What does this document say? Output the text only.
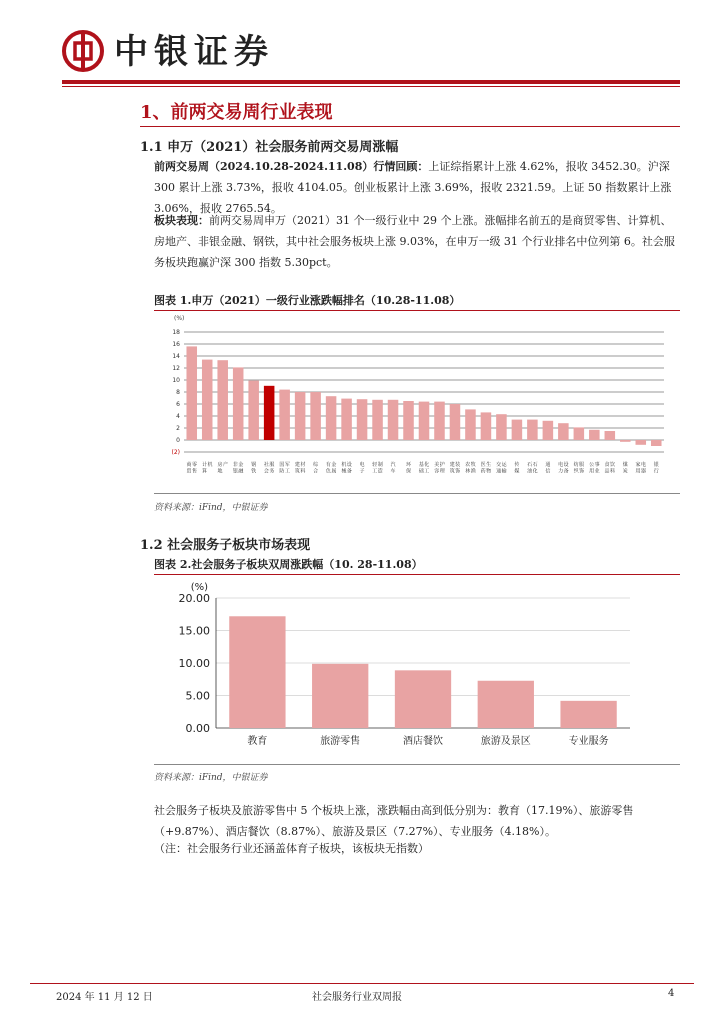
中银证券
1、前两交易周行业表现
1.1 申万（2021）社会服务前两交易周涨幅
前两交易周（2024.10.28-2024.11.08）行情回顾：上证综指累计上涨 4.62%，报收 3452.30。沪深 300 累计上涨 3.73%，报收 4104.05。创业板累计上涨 3.69%，报收 2321.59。上证 50 指数累计上涨 3.06%，报收 2765.54。
板块表现：前两交易周申万（2021）31 个一级行业中 29 个上涨。涨幅排名前五的是商贸零售、计算机、房地产、非银金融、钢铁，其中社会服务板块上涨 9.03%，在申万一级 31 个行业排名中位列第 6。社会服务板块跑赢沪深 300 指数 5.30pct。
图表 1.申万（2021）一级行业涨跌幅排名（10.28-11.08）
(%)
(2)
0
2
4
6
8
10
12
14
16
18
商
贸
零
售
计
算
机 房
地
产 非
银
金
融
钢
铁
社
会
服
务
国
防
军
工
建
筑
材
料
综
合
有
色
金
属
机
械
设
备
电
子
轻
工
制
造
汽
车
环
保
基
础
化
工
美
容
护
理
建
筑
装
饰
农
林
牧
渔
医
药
生
物
交
通
运
输
传
媒
石
油
石
化
通
信
电
力
设
备
纺
织
服
饰
公
用
事
业
食
品
饮
料
煤
炭
家
用
电
器
银
行
资料来源：iFind，中银证券
1.2 社会服务子板块市场表现
图表 2.社会服务子板块双周涨跌幅（10. 28-11.08）
(%)
0.00
5.00
10.00
15.00
20.00
教育	旅游零售	酒店餐饮	旅游及景区	专业服务
资料来源：iFind，中银证券
社会服务子板块及旅游零售中 5 个板块上涨，涨跌幅由高到低分别为：教育（17.19%）、旅游零售（+9.87%）、酒店餐饮（8.87%）、旅游及景区（7.27%）、专业服务（4.18%）。
（注：社会服务行业还涵盖体育子板块，该板块无指数）
2024 年 11 月 12 日	社会服务行业双周报	4
